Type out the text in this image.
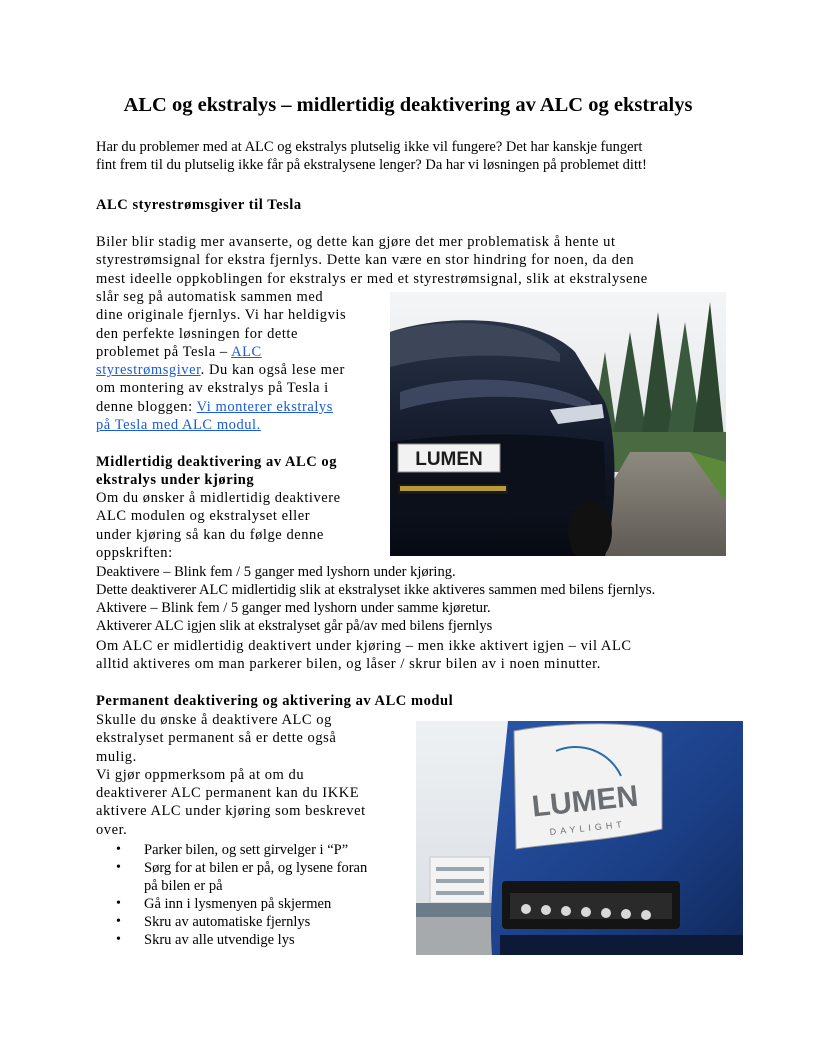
ALC og ekstralys – midlertidig deaktivering av ALC og ekstralys
Har du problemer med at ALC og ekstralys plutselig ikke vil fungere? Det har kanskje fungert
fint frem til du plutselig ikke får på ekstralysene lenger? Da har vi løsningen på problemet ditt!
ALC styrestrømsgiver til Tesla
Biler blir stadig mer avanserte, og dette kan gjøre det mer problematisk å hente ut
styrestrømsignal for ekstra fjernlys. Dette kan være en stor hindring for noen, da den
mest ideelle oppkoblingen for ekstralys er med et styrestrømsignal, slik at ekstralysene
slår seg på automatisk sammen med
dine originale fjernlys. Vi har heldigvis
den perfekte løsningen for dette
problemet på Tesla – ALC
styrestrømsgiver. Du kan også lese mer
om montering av ekstralys på Tesla i
denne bloggen: Vi monterer ekstralys
på Tesla med ALC modul.
LUMEN
Midlertidig deaktivering av ALC og
ekstralys under kjøring
Om du ønsker å midlertidig deaktivere
ALC modulen og ekstralyset eller
under kjøring så kan du følge denne
oppskriften:
Deaktivere – Blink fem / 5 ganger med lyshorn under kjøring.
Dette deaktiverer ALC midlertidig slik at ekstralyset ikke aktiveres sammen med bilens fjernlys.
Aktivere – Blink fem / 5 ganger med lyshorn under samme kjøretur.
Aktiverer ALC igjen slik at ekstralyset går på/av med bilens fjernlys
Om ALC er midlertidig deaktivert under kjøring – men ikke aktivert igjen – vil ALC
alltid aktiveres om man parkerer bilen, og låser / skrur bilen av i noen minutter.
Permanent deaktivering og aktivering av ALC modul
Skulle du ønske å deaktivere ALC og
ekstralyset permanent så er dette også
mulig.
Vi gjør oppmerksom på at om du
deaktiverer ALC permanent kan du IKKE
aktivere ALC under kjøring som beskrevet
over.
• Parker bilen, og sett girvelger i “P”
• Sørg for at bilen er på, og lysene foran
på bilen er på
• Gå inn i lysmenyen på skjermen
• Skru av automatiske fjernlys
• Skru av alle utvendige lys
LUMEN
DAYLIGHT
